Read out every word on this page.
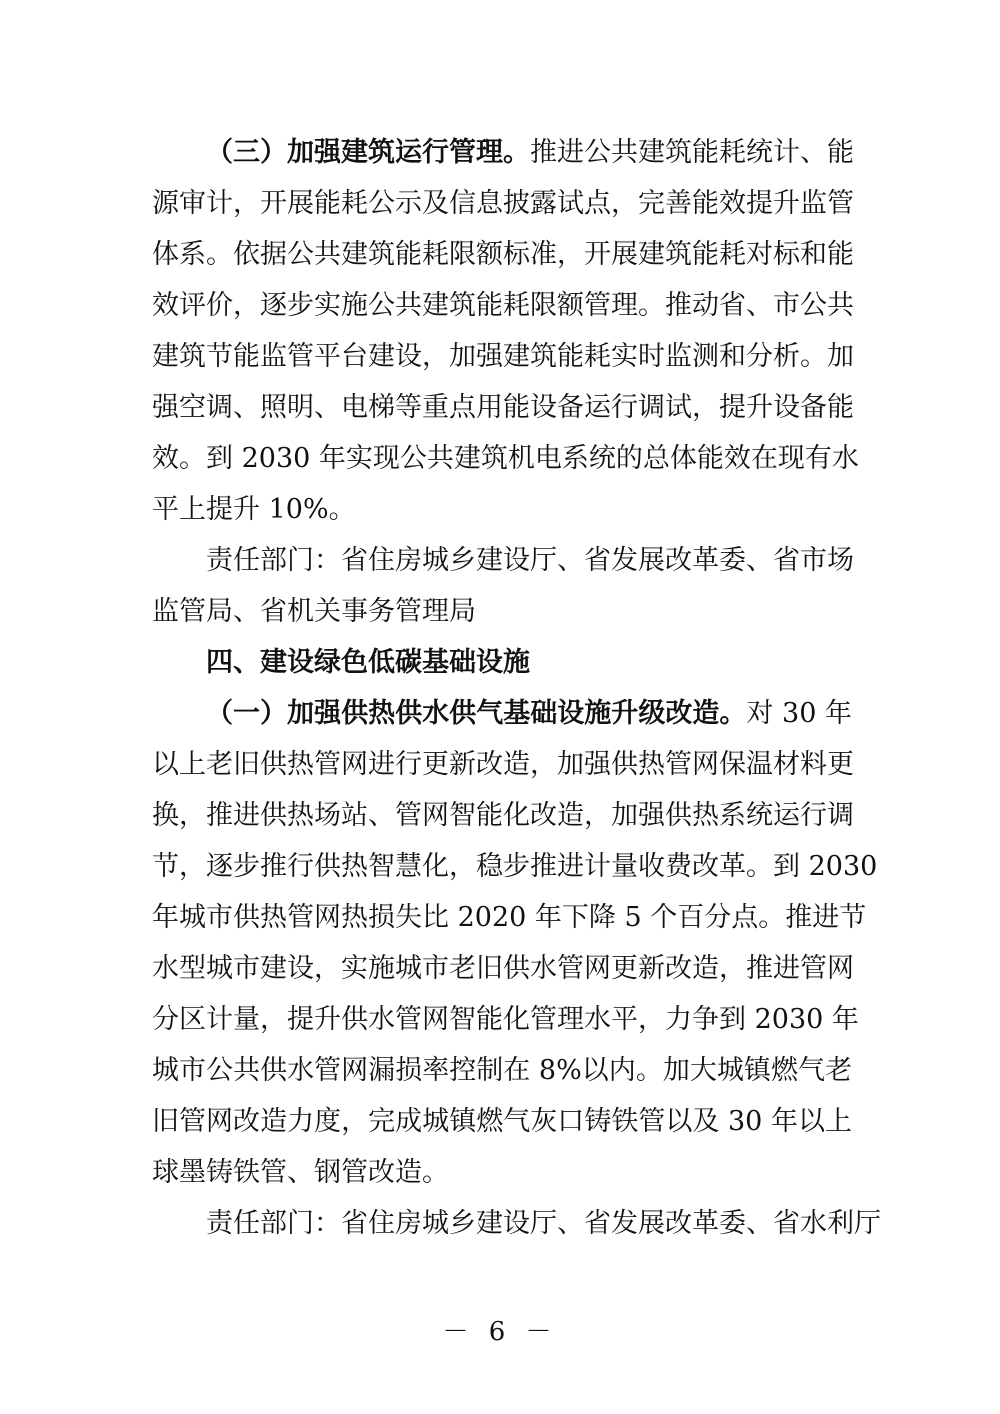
（三）加强建筑运行管理。推进公共建筑能耗统计、能
源审计，开展能耗公示及信息披露试点，完善能效提升监管
体系。依据公共建筑能耗限额标准，开展建筑能耗对标和能
效评价，逐步实施公共建筑能耗限额管理。推动省、市公共
建筑节能监管平台建设，加强建筑能耗实时监测和分析。加
强空调、照明、电梯等重点用能设备运行调试，提升设备能
效。到 2030 年实现公共建筑机电系统的总体能效在现有水
平上提升 10%。
责任部门：省住房城乡建设厅、省发展改革委、省市场
监管局、省机关事务管理局
四、建设绿色低碳基础设施
（一）加强供热供水供气基础设施升级改造。对 30 年
以上老旧供热管网进行更新改造，加强供热管网保温材料更
换，推进供热场站、管网智能化改造，加强供热系统运行调
节，逐步推行供热智慧化，稳步推进计量收费改革。到 2030
年城市供热管网热损失比 2020 年下降 5 个百分点。推进节
水型城市建设，实施城市老旧供水管网更新改造，推进管网
分区计量，提升供水管网智能化管理水平，力争到 2030 年
城市公共供水管网漏损率控制在 8%以内。加大城镇燃气老
旧管网改造力度，完成城镇燃气灰口铸铁管以及 30 年以上
球墨铸铁管、钢管改造。
责任部门：省住房城乡建设厅、省发展改革委、省水利厅
－ 6 －
